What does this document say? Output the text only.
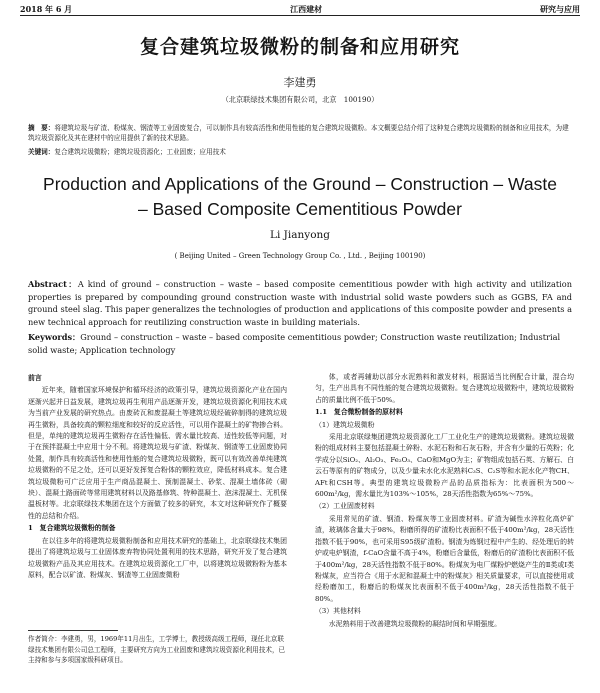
2018 年 6 月	江西建材	研究与应用
复合建筑垃圾微粉的制备和应用研究
李建勇
（北京联绿技术集团有限公司，北京　100190）
摘　要：将建筑垃圾与矿渣、粉煤灰、钢渣等工业固废复合，可以制作具有较高活性和使用性能的复合建筑垃圾微粉。本文概要总结介绍了这种复合建筑垃圾微粉的制备和应用技术，为建筑垃圾资源化及其在建材中的应用提供了新的技术思路。
关键词：复合建筑垃圾微粉；建筑垃圾资源化；工业固废；应用技术
Production and Applications of the Ground – Construction – Waste – Based Composite Cementitious Powder
Li Jianyong
( Beijing United – Green Technology Group Co. , Ltd. , Beijing 100190)
Abstract：A kind of ground – construction – waste – based composite cementitious powder with high activity and utilization properties is prepared by compounding ground construction waste with industrial solid waste powders such as GGBS, FA and ground steel slag. This paper generalizes the technologies of production and applications of this composite powder and presents a new technical approach for reutilizing construction waste in building materials.
Keywords：Ground – construction – waste – based composite cementitious powder; Construction waste reutilization; Industrial solid waste; Application technology
前言

近年来，随着国家环境保护和循环经济的政策引导，建筑垃圾资源化产业在国内逐渐兴起并日益发展，建筑垃圾再生利用产品逐渐开发，建筑垃圾资源化利用技术成为当前产业发展的研究热点。由废砖瓦和废混凝土等建筑垃圾经破碎制得的建筑垃圾再生微粉，具备较高的颗粒细度和较好的反应活性，可以用作混凝土的矿物掺合料。但是，单纯的建筑垃圾再生微粉存在活性偏低、需水量比较高、适性较低等问题，对于在预拌混凝土中应用十分不利。将建筑垃圾与矿渣、粉煤灰、钢渣等工业固废协同处置，制作具有较高活性和使用性能的复合建筑垃圾微粉，既可以有效改善单纯建筑垃圾微粉的不足之处，还可以更好发挥复合粉体的颗粒效应，降低材料成本。复合建筑垃圾微粉可广泛应用于生产商品混凝土、预制混凝土、砂浆、混凝土墙体砖（砌块）、混凝土路面砖等常用建筑材料以及路基修筑、特种混凝土、泡沫混凝土、无机保温板材等。北京联绿技术集团在这个方面做了较多的研究，本文对这种研究作了概要性的总结和介绍。

1　复合建筑垃圾微粉的制备

在以往多年的将建筑垃圾微粉制备和应用技术研究的基础上，北京联绿技术集团提出了将建筑垃圾与工业固体废弃物协同处置利用的技术思路，研究开发了复合建筑垃圾微粉产品及其应用技术。在建筑垃圾资源化工厂中，以将建筑垃圾微粉粉为基本原料，配合以矿渣、粉煤灰、钢渣等工业固废微粉

体，或者再辅助以部分水泥熟料和激发材料，根据适当比例配合计量，混合均匀，生产出具有不同性能的复合建筑垃圾微粉。复合建筑垃圾微粉中，建筑垃圾微粉占的质量比例不低于50%。

1.1　复合微粉制备的原材料
（1）建筑垃圾微粉

采用北京联绿集团建筑垃圾资源化工厂工业化生产的建筑垃圾微粉。建筑垃圾微粉的组成材料主要包括混凝土碎粉、水泥石粉和石灰石粉，并含有少量的石英粉；化学成分以SiO₂、Al₂O₃、Fe₂O₃、CaO和MgO为主；矿物组成包括石英、方解石、白云石等原有的矿物成分，以及少量未水化水泥熟料C₃S、C₂S等和水泥水化产物CH、AFt和CSH等。典型的建筑垃圾微粉产品的品质指标为：比表面积为500～600m²/kg，需水量比为103%～105%，28天活性指数为65%～75%。

（2）工业固废材料

采用常见的矿渣、钢渣、粉煤灰等工业固废材料。矿渣为碱性水淬粒化高炉矿渣，玻璃体含量大于98%，粉磨所得的矿渣粉比表面积不低于400m²/kg，28天活性指数不低于90%，也可采用S95级矿渣粉。钢渣为炼钢过程中产生的、经处理后的转炉或电炉钢渣，f-CaO含量不高于4%，粉磨后含量低，粉磨后的矿渣粉比表面积不低于400m²/kg，28天活性指数不低于80%。粉煤灰为电厂煤粉炉燃烧产生的Ⅱ类或Ⅰ类粉煤灰，应当符合《用于水泥和混凝土中的粉煤灰》相关质量要求，可以直接使用或经粉磨加工，粉磨后的粉煤灰比表面积不低于400m²/kg，28天活性指数不低于80%。

（3）其他材料

水泥熟料用于改善建筑垃圾微粉的凝结时间和早期强度。

作者简介：李建勇，男，1969年11月出生，工学博士，教授级高级工程师，现任北京联绿技术集团有限公司总工程师，主要研究方向为工业固废和建筑垃圾资源化利用技术，已主持和参与多项国家级科研项目。
